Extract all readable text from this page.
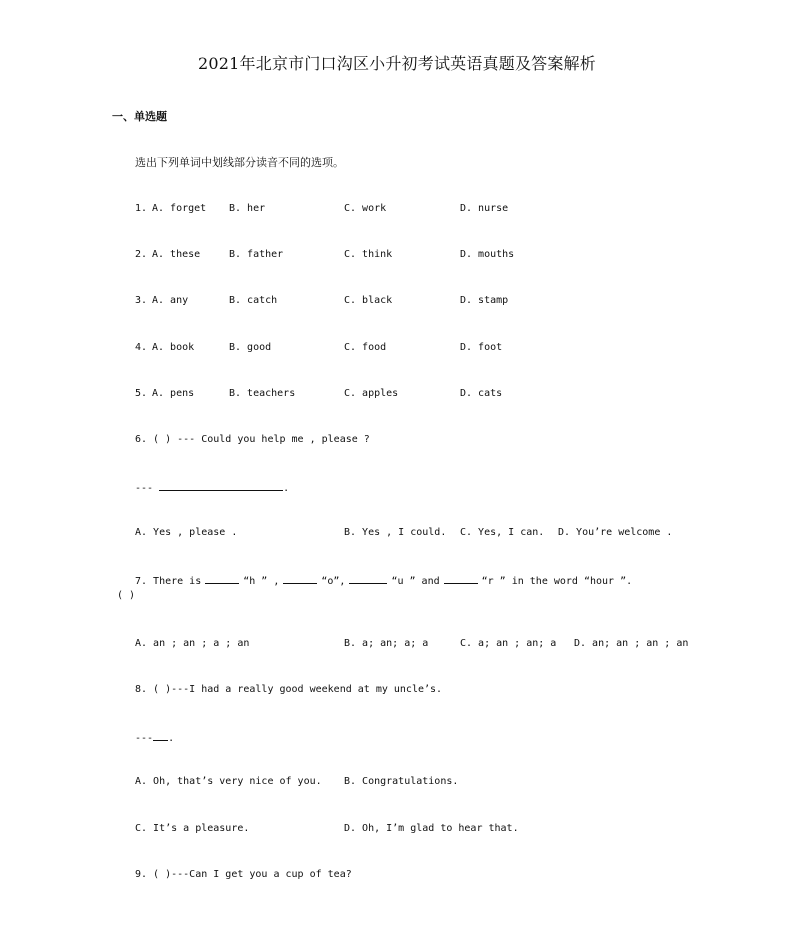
2021年北京市门口沟区小升初考试英语真题及答案解析
一、单选题
选出下列单词中划线部分读音不同的选项。
1. A. forget B. her	C. work	D. nurse
2. A. these	B. father	C. think	D. mouths
3. A. any	B. catch	C. black	D. stamp
4. A. book	B. good	C. food	D. foot
5. A. pens	B. teachers	C. apples	D. cats
6. ( ) --- Could you help me , please ?
---	.
A. Yes , please .	B. Yes , I could. C. Yes, I can. D. You’re welcome .
7. There is	“h ” ,	“o”,	“u ” and	“r ” in the word “hour ”.
( )
A. an ; an ; a ; an	B. a; an; a; a	C. a; an ; an; a D. an; an ; an ; an
8. ( )---I had a really good weekend at my uncle’s.
--- .
A. Oh, that’s very nice of you. B. Congratulations.
C. It’s a pleasure.	D. Oh, I’m glad to hear that.
9. ( )---Can I get you a cup of tea?
